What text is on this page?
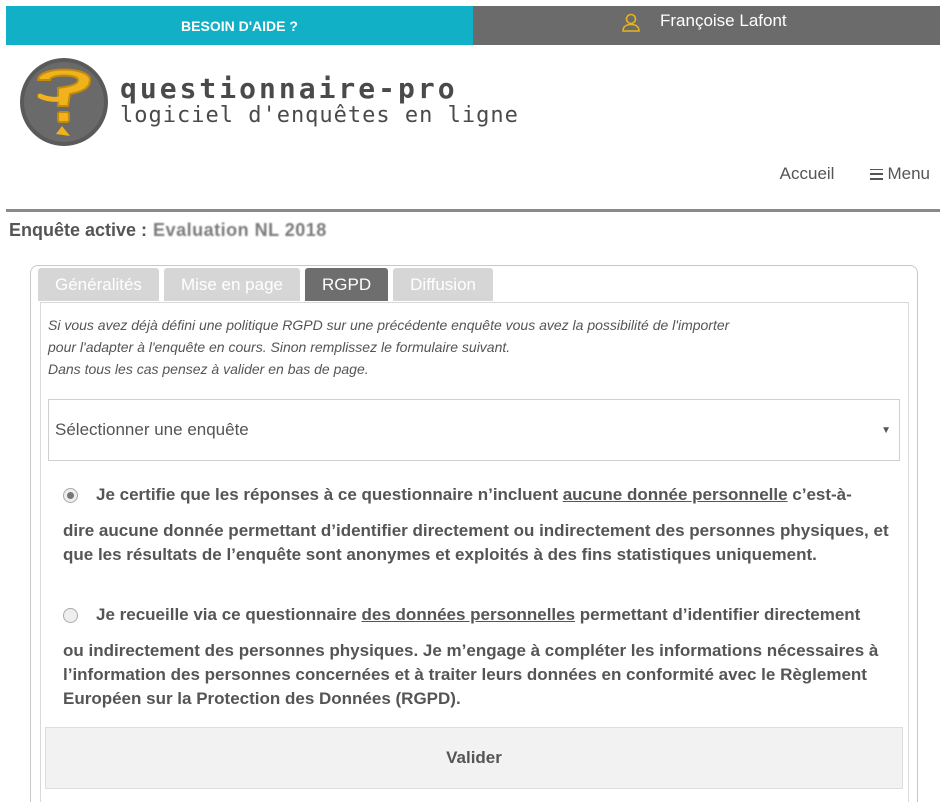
BESOIN D'AIDE ?	Françoise Lafont
questionnaire-pro
logiciel d'enquêtes en ligne
Accueil	Menu
Enquête active : Evaluation NL 2018
Généralités	Mise en page	RGPD	Diffusion
Si vous avez déjà défini une politique RGPD sur une précédente enquête vous avez la possibilité de l'importer
pour l'adapter à l'enquête en cours. Sinon remplissez le formulaire suivant.
Dans tous les cas pensez à valider en bas de page.
Sélectionner une enquête	▼
Je certifie que les réponses à ce questionnaire n’incluent aucune donnée personnelle c’est-à-
dire aucune donnée permettant d’identifier directement ou indirectement des personnes physiques, et que les résultats de l’enquête sont anonymes et exploités à des fins statistiques uniquement.
Je recueille via ce questionnaire des données personnelles permettant d’identifier directement
ou indirectement des personnes physiques. Je m’engage à compléter les informations nécessaires à l’information des personnes concernées et à traiter leurs données en conformité avec le Règlement Européen sur la Protection des Données (RGPD).
Valider
